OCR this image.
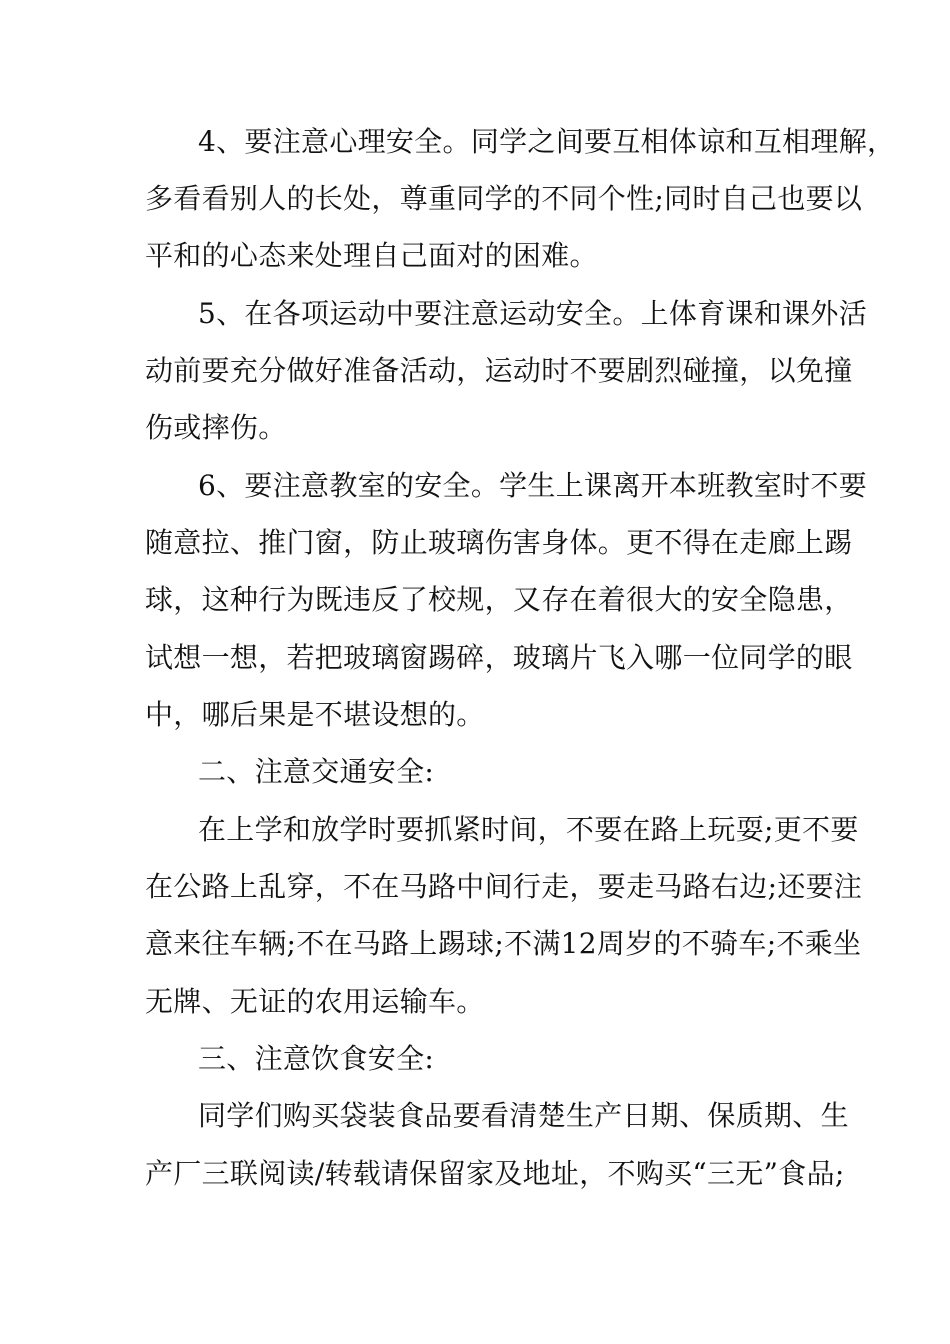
4、要注意心理安全。同学之间要互相体谅和互相理解，
多看看别人的长处，尊重同学的不同个性;同时自己也要以
平和的心态来处理自己面对的困难。
5、在各项运动中要注意运动安全。上体育课和课外活
动前要充分做好准备活动，运动时不要剧烈碰撞，以免撞
伤或摔伤。
6、要注意教室的安全。学生上课离开本班教室时不要
随意拉、推门窗，防止玻璃伤害身体。更不得在走廊上踢
球，这种行为既违反了校规，又存在着很大的安全隐患，
试想一想，若把玻璃窗踢碎，玻璃片飞入哪一位同学的眼
中，哪后果是不堪设想的。
二、注意交通安全:
在上学和放学时要抓紧时间，不要在路上玩耍;更不要
在公路上乱穿，不在马路中间行走，要走马路右边;还要注
意来往车辆;不在马路上踢球;不满12周岁的不骑车;不乘坐
无牌、无证的农用运输车。
三、注意饮食安全:
同学们购买袋装食品要看清楚生产日期、保质期、生
产厂三联阅读/转载请保留家及地址，不购买“三无”食品;
